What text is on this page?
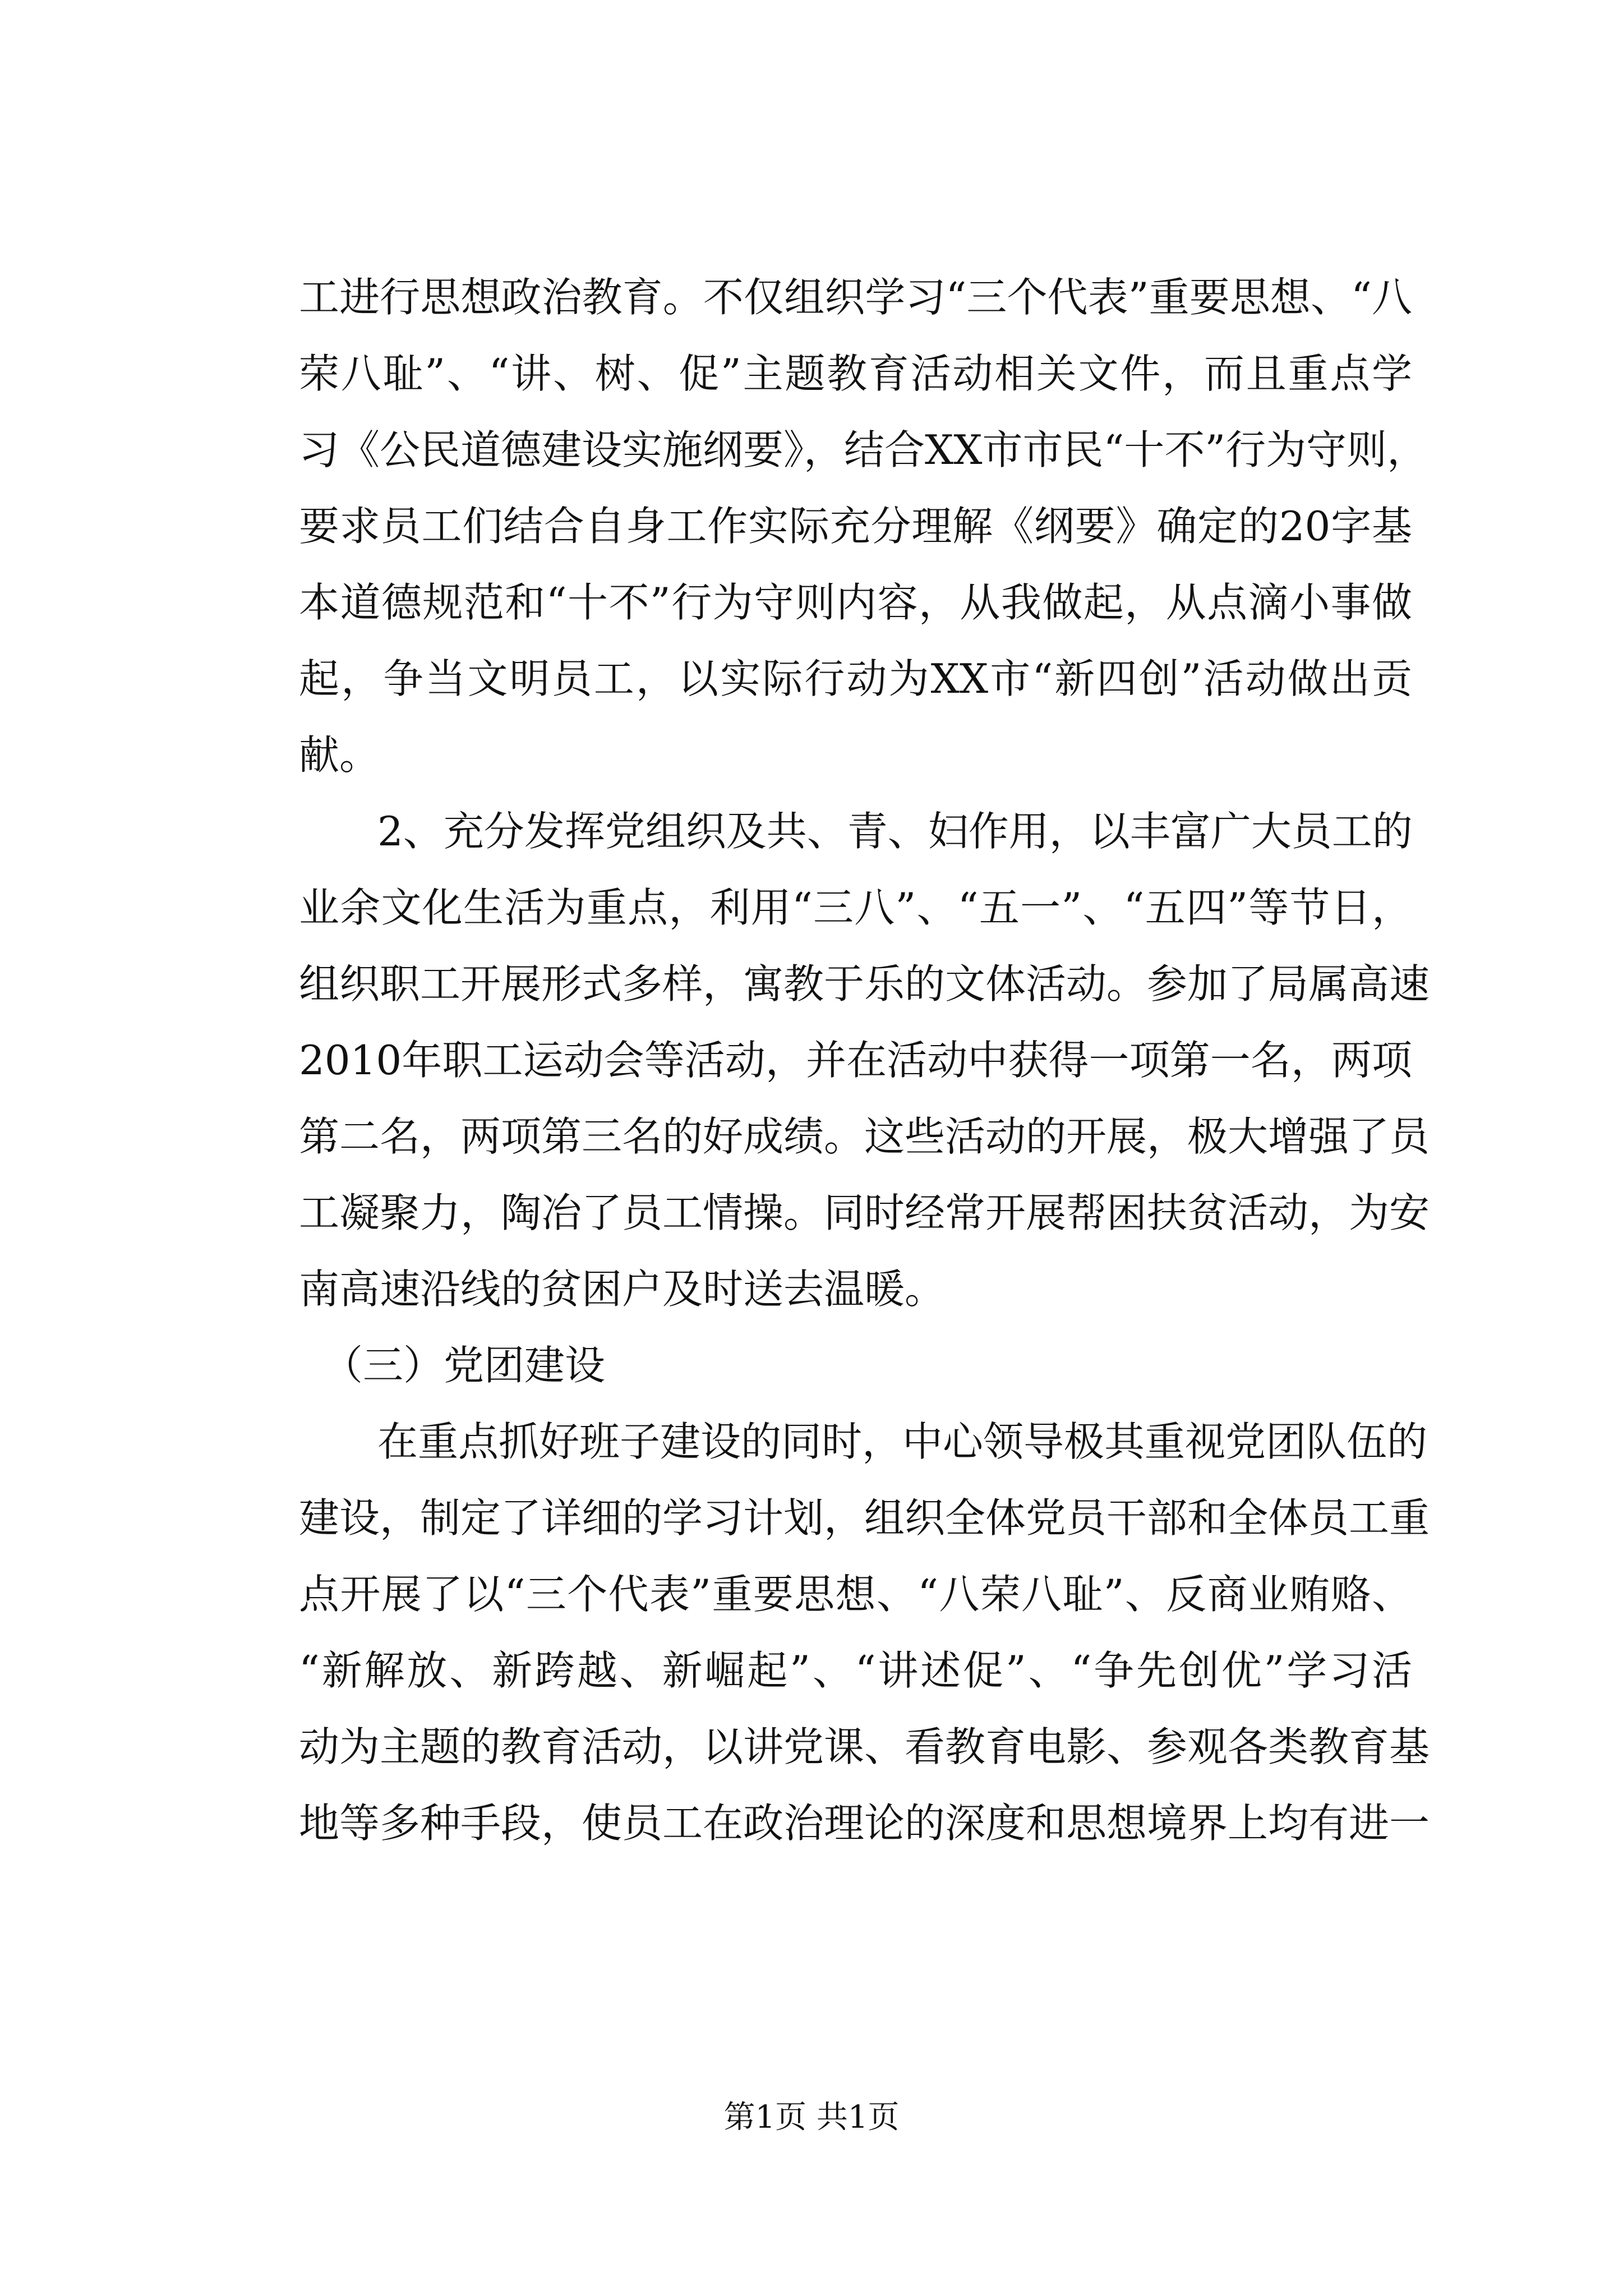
工进行思想政治教育。不仅组织学习“三个代表”重要思想、“八
荣八耻”、“讲、树、促”主题教育活动相关文件，而且重点学
习《公民道德建设实施纲要》，结合XX市市民“十不”行为守则，
要求员工们结合自身工作实际充分理解《纲要》确定的20字基
本道德规范和“十不”行为守则内容，从我做起，从点滴小事做
起，争当文明员工，以实际行动为XX市“新四创”活动做出贡
献。
2、充分发挥党组织及共、青、妇作用，以丰富广大员工的
业余文化生活为重点，利用“三八”、“五一”、“五四”等节日，
组织职工开展形式多样，寓教于乐的文体活动。参加了局属高速
2010年职工运动会等活动，并在活动中获得一项第一名，两项
第二名，两项第三名的好成绩。这些活动的开展，极大增强了员
工凝聚力，陶冶了员工情操。同时经常开展帮困扶贫活动，为安
南高速沿线的贫困户及时送去温暖。
（三）党团建设
在重点抓好班子建设的同时，中心领导极其重视党团队伍的
建设，制定了详细的学习计划，组织全体党员干部和全体员工重
点开展了以“三个代表”重要思想、“八荣八耻”、反商业贿赂、
“新解放、新跨越、新崛起”、“讲述促”、“争先创优”学习活
动为主题的教育活动，以讲党课、看教育电影、参观各类教育基
地等多种手段，使员工在政治理论的深度和思想境界上均有进一
第1页 共1页
